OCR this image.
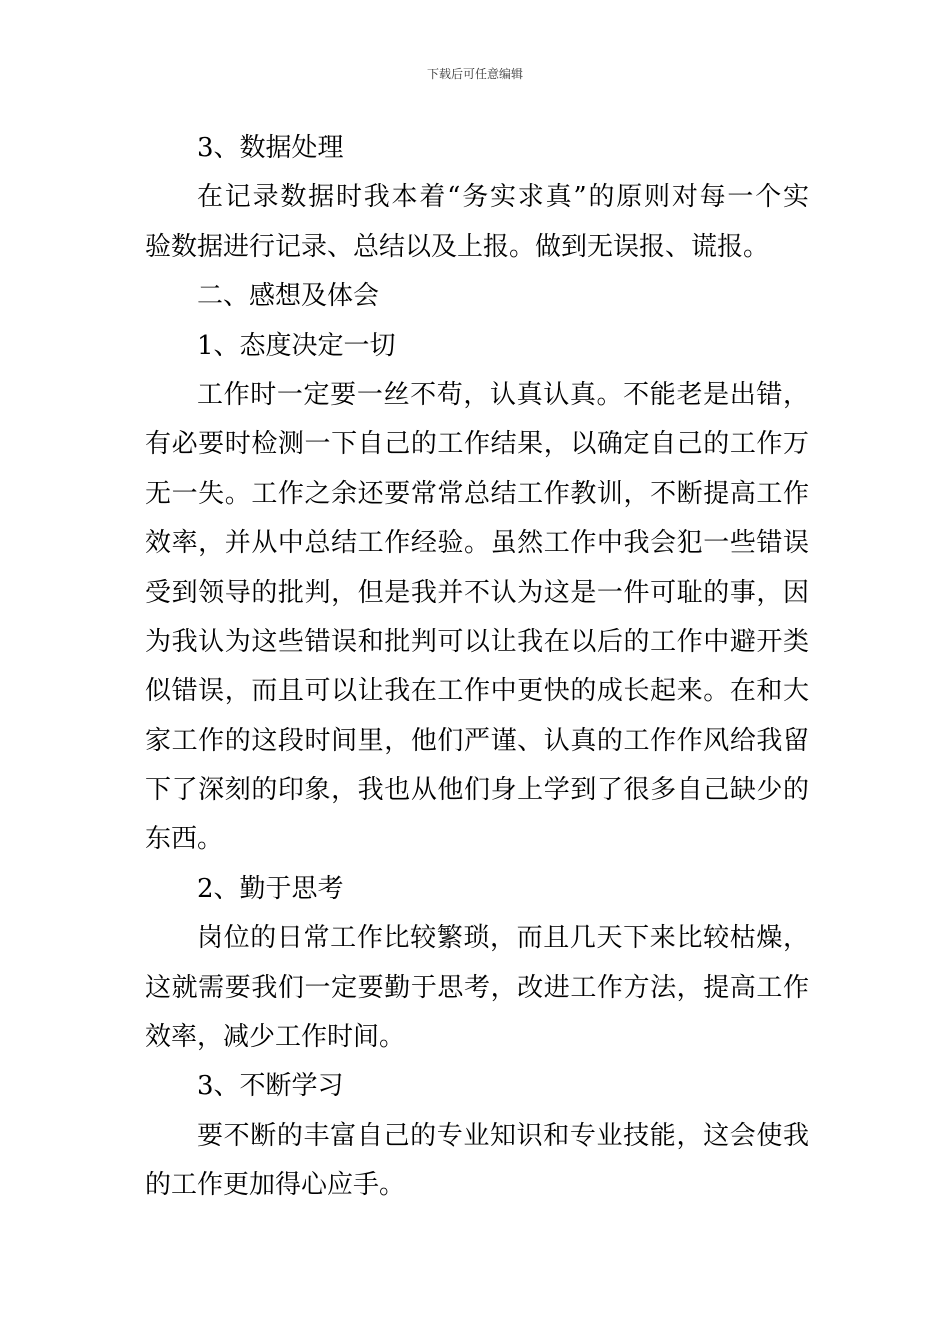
下载后可任意编辑
3、数据处理
在记录数据时我本着“务实求真”的原则对每一个实
验数据进行记录、总结以及上报。做到无误报、谎报。
二、感想及体会
1、态度决定一切
工作时一定要一丝不苟，认真认真。不能老是出错，
有必要时检测一下自己的工作结果，以确定自己的工作万
无一失。工作之余还要常常总结工作教训，不断提高工作
效率，并从中总结工作经验。虽然工作中我会犯一些错误
受到领导的批判，但是我并不认为这是一件可耻的事，因
为我认为这些错误和批判可以让我在以后的工作中避开类
似错误，而且可以让我在工作中更快的成长起来。在和大
家工作的这段时间里，他们严谨、认真的工作作风给我留
下了深刻的印象，我也从他们身上学到了很多自己缺少的
东西。
2、勤于思考
岗位的日常工作比较繁琐，而且几天下来比较枯燥，
这就需要我们一定要勤于思考，改进工作方法，提高工作
效率，减少工作时间。
3、不断学习
要不断的丰富自己的专业知识和专业技能，这会使我
的工作更加得心应手。
